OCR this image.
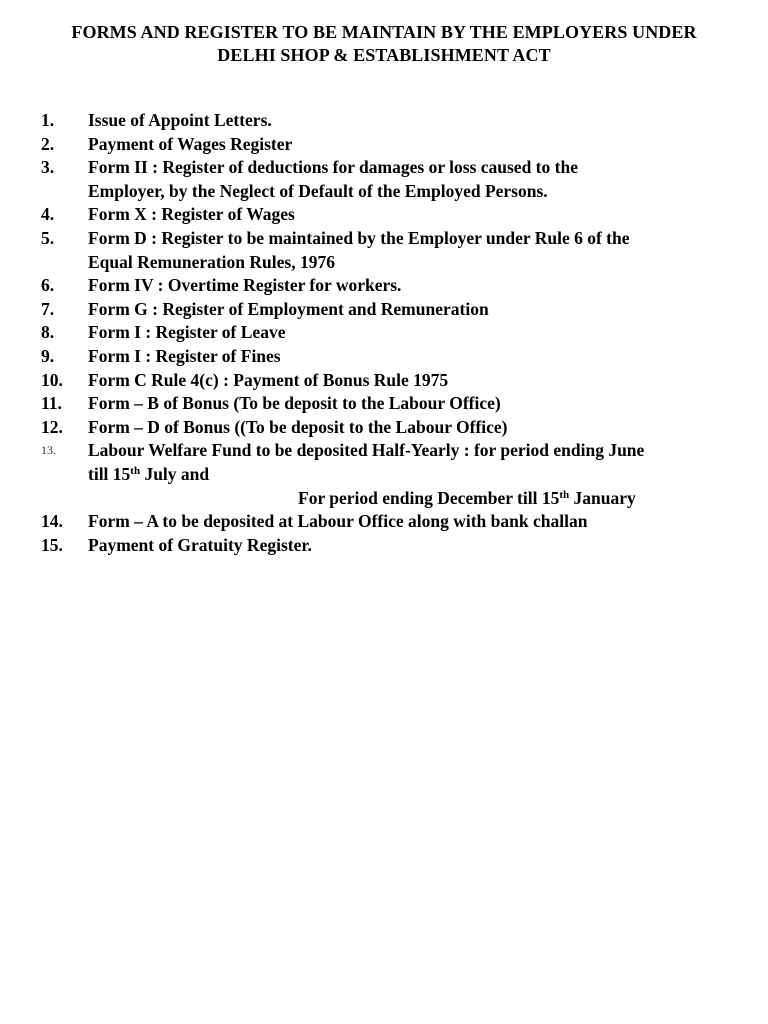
FORMS AND REGISTER TO BE MAINTAIN BY THE EMPLOYERS UNDER
DELHI SHOP & ESTABLISHMENT ACT
1. Issue of Appoint Letters.
2. Payment of Wages Register
3. Form II : Register of deductions for damages or loss caused to the
Employer, by the Neglect of Default of the Employed Persons.
4. Form X : Register of Wages
5. Form D : Register to be maintained by the Employer under Rule 6 of the
Equal Remuneration Rules, 1976
6. Form IV : Overtime Register for workers.
7. Form G : Register of Employment and Remuneration
8. Form I : Register of Leave
9. Form I : Register of Fines
10. Form C Rule 4(c) : Payment of Bonus Rule 1975
11. Form – B of Bonus (To be deposit to the Labour Office)
12. Form – D of Bonus ((To be deposit to the Labour Office)
13. Labour Welfare Fund to be deposited Half-Yearly : for period ending June
till 15th July and
For period ending December till 15th January
14. Form – A to be deposited at Labour Office along with bank challan
15. Payment of Gratuity Register.
